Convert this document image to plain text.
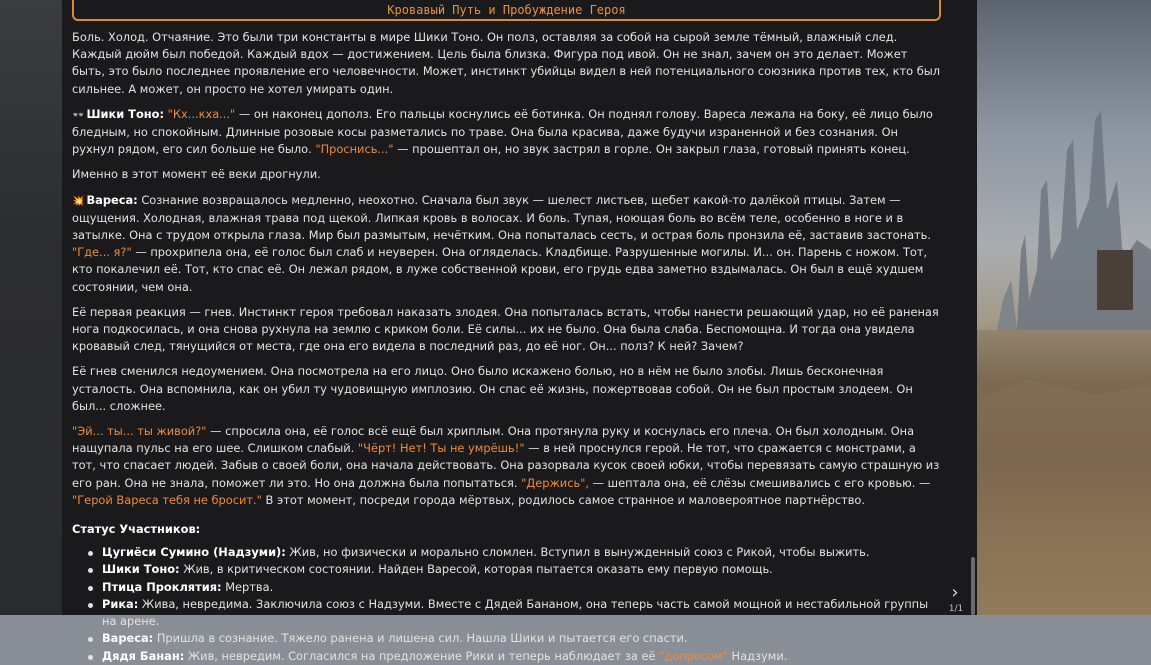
Кровавый Путь и Пробуждение Героя

Боль. Холод. Отчаяние. Это были три константы в мире Шики Тоно. Он полз, оставляя за собой на сырой земле тёмный, влажный след. Каждый дюйм был победой. Каждый вдох — достижением. Цель была близка. Фигура под ивой. Он не знал, зачем он это делает. Может быть, это было последнее проявление его человечности. Может, инстинкт убийцы видел в ней потенциального союзника против тех, кто был сильнее. А может, он просто не хотел умирать один.

👓 Шики Тоно: "Кх...кха..." — он наконец дополз. Его пальцы коснулись её ботинка. Он поднял голову. Вареса лежала на боку, её лицо было бледным, но спокойным. Длинные розовые косы разметались по траве. Она была красива, даже будучи израненной и без сознания. Он рухнул рядом, его сил больше не было. "Проснись..." — прошептал он, но звук застрял в горле. Он закрыл глаза, готовый принять конец.

Именно в этот момент её веки дрогнули.

💥 Вареса: Сознание возвращалось медленно, неохотно. Сначала был звук — шелест листьев, щебет какой-то далёкой птицы. Затем — ощущения. Холодная, влажная трава под щекой. Липкая кровь в волосах. И боль. Тупая, ноющая боль во всём теле, особенно в ноге и в затылке. Она с трудом открыла глаза. Мир был размытым, нечётким. Она попыталась сесть, и острая боль пронзила её, заставив застонать. "Где... я?" — прохрипела она, её голос был слаб и неуверен. Она огляделась. Кладбище. Разрушенные могилы. И... он. Парень с ножом. Тот, кто покалечил её. Тот, кто спас её. Он лежал рядом, в луже собственной крови, его грудь едва заметно вздымалась. Он был в ещё худшем состоянии, чем она.

Её первая реакция — гнев. Инстинкт героя требовал наказать злодея. Она попыталась встать, чтобы нанести решающий удар, но её раненая нога подкосилась, и она снова рухнула на землю с криком боли. Её силы... их не было. Она была слаба. Беспомощна. И тогда она увидела кровавый след, тянущийся от места, где она его видела в последний раз, до её ног. Он... полз? К ней? Зачем?

Её гнев сменился недоумением. Она посмотрела на его лицо. Оно было искажено болью, но в нём не было злобы. Лишь бесконечная усталость. Она вспомнила, как он убил ту чудовищную имплозию. Он спас её жизнь, пожертвовав собой. Он не был простым злодеем. Он был... сложнее.

"Эй... ты... ты живой?" — спросила она, её голос всё ещё был хриплым. Она протянула руку и коснулась его плеча. Он был холодным. Она нащупала пульс на его шее. Слишком слабый. "Чёрт! Нет! Ты не умрёшь!" — в ней проснулся герой. Не тот, что сражается с монстрами, а тот, что спасает людей. Забыв о своей боли, она начала действовать. Она разорвала кусок своей юбки, чтобы перевязать самую страшную из его ран. Она не знала, поможет ли это. Но она должна была попытаться. "Держись", — шептала она, её слёзы смешивались с его кровью. — "Герой Вареса тебя не бросит." В этот момент, посреди города мёртвых, родилось самое странное и маловероятное партнёрство.

Статус Участников:
Цугиёси Сумино (Надзуми): Жив, но физически и морально сломлен. Вступил в вынужденный союз с Рикой, чтобы выжить.
Шики Тоно: Жив, в критическом состоянии. Найден Варесой, которая пытается оказать ему первую помощь.
Птица Проклятия: Мертва.
Рика: Жива, невредима. Заключила союз с Надзуми. Вместе с Дядей Бананом, она теперь часть самой мощной и нестабильной группы на арене.
Вареса: Пришла в сознание. Тяжело ранена и лишена сил. Нашла Шики и пытается его спасти.
Дядя Банан: Жив, невредим. Согласился на предложение Рики и теперь наблюдает за её "допросом" Надзуми.
›
1/1
